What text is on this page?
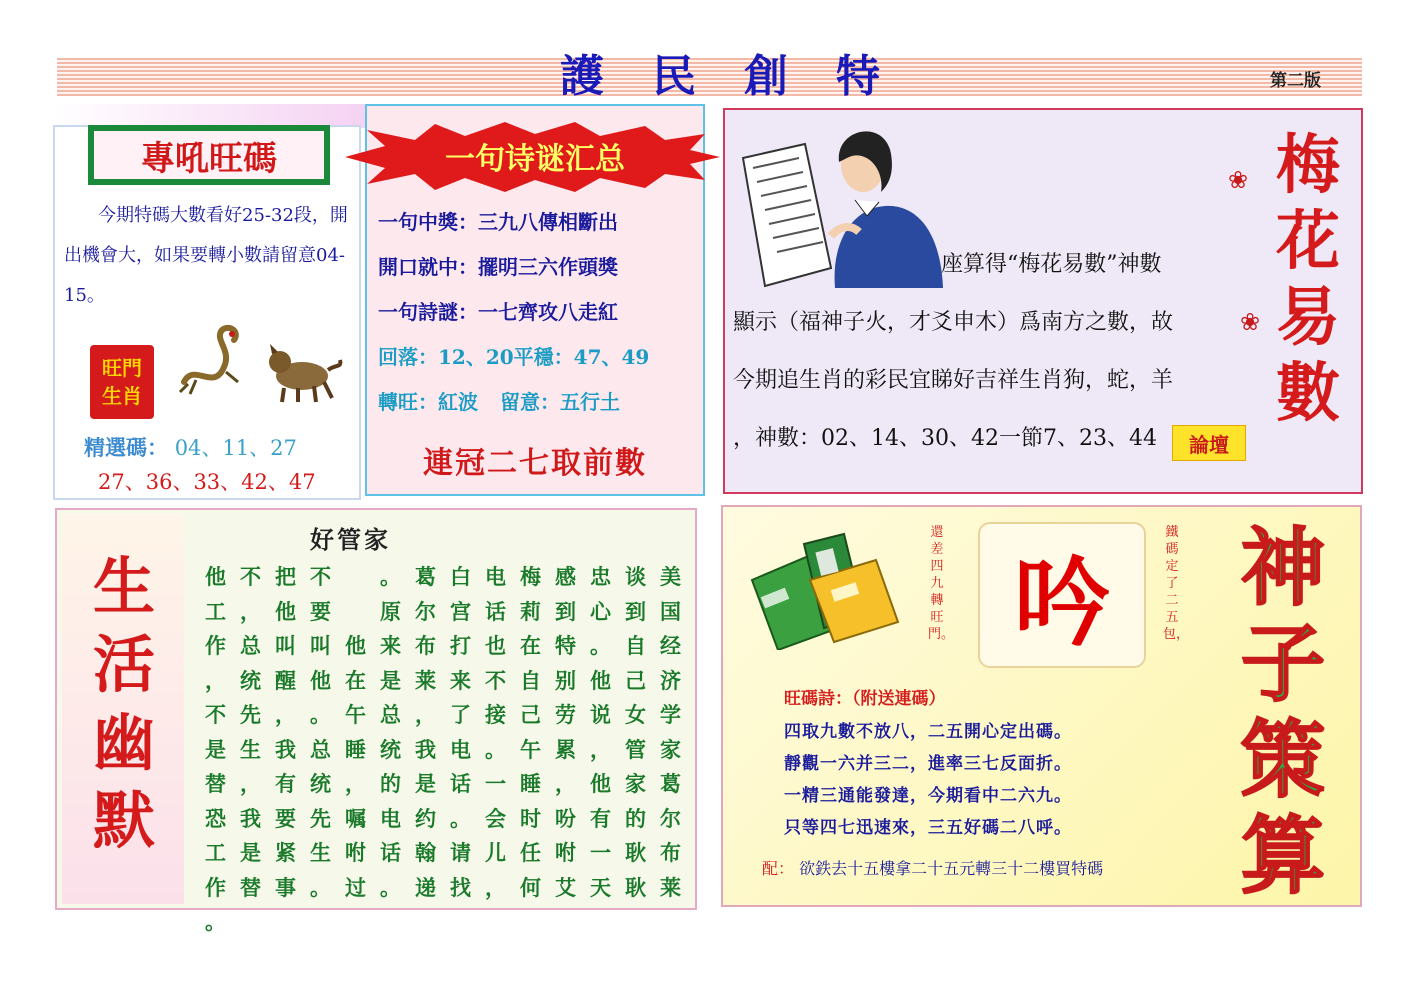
護 民 創 特	第二版
專吼旺碼
今期特碼大數看好25-32段，開出機會大，如果要轉小數請留意04-15。
旺門
生肖
精選碼： 04、11、27
27、36、33、42、47
一句诗谜汇总
一句中獎： 三九八傳相斷出
開口就中： 擺明三六作頭獎
一句詩謎： 一七齊攻八走紅
回落： 12、20平穩：47、49
轉旺： 紅波 留意： 五行土
連冠二七取前數
座算得“梅花易數”神數
顯示（福神子火，才爻申木）爲南方之數，故
今期追生肖的彩民宜睇好吉祥生肖狗，蛇，羊
，神數：02、14、30、42一節7、23、44	論壇
❀
❀
梅
花
易
數
生
活
幽
默
好管家
他 不 把 不	。 葛 白 电 梅 感 忠 谈 美
工 ， 他 要	原 尔 宫 话 莉 到 心 到 国
作 总 叫 叫 他 来 布 打 也 在 特 。 自 经
， 统 醒 他 在 是 莱 来 不 自 别 他 己 济
不 先 ， 。 午 总 ， 了 接 己 劳 说 女 学
是 生 我 总 睡 统 我 电 。 午 累 ， 管 家
替 ， 有 统 ， 的 是 话 一 睡 ， 他 家 葛
恐 我 要 先 嘱 电 约 。 会 时 吩 有 的 尔
工 是 紧 生 咐 话 翰 请 儿 任 咐 一 耿 布
作 替 事 。 过 。 递 找 ， 何 艾 天 耿 莱
。
還差四九轉旺門。 吟
鐵碼定了二五包，
旺碼詩：（附送連碼）
四取九數不放八，二五開心定出碼。
靜觀一六并三二，進率三七反面折。
一精三通能發達，今期看中二六九。
只等四七迅速來，三五好碼二八呼。
配： 欲鉄去十五樓拿二十五元轉三十二樓買特碼
神
子
策
算
